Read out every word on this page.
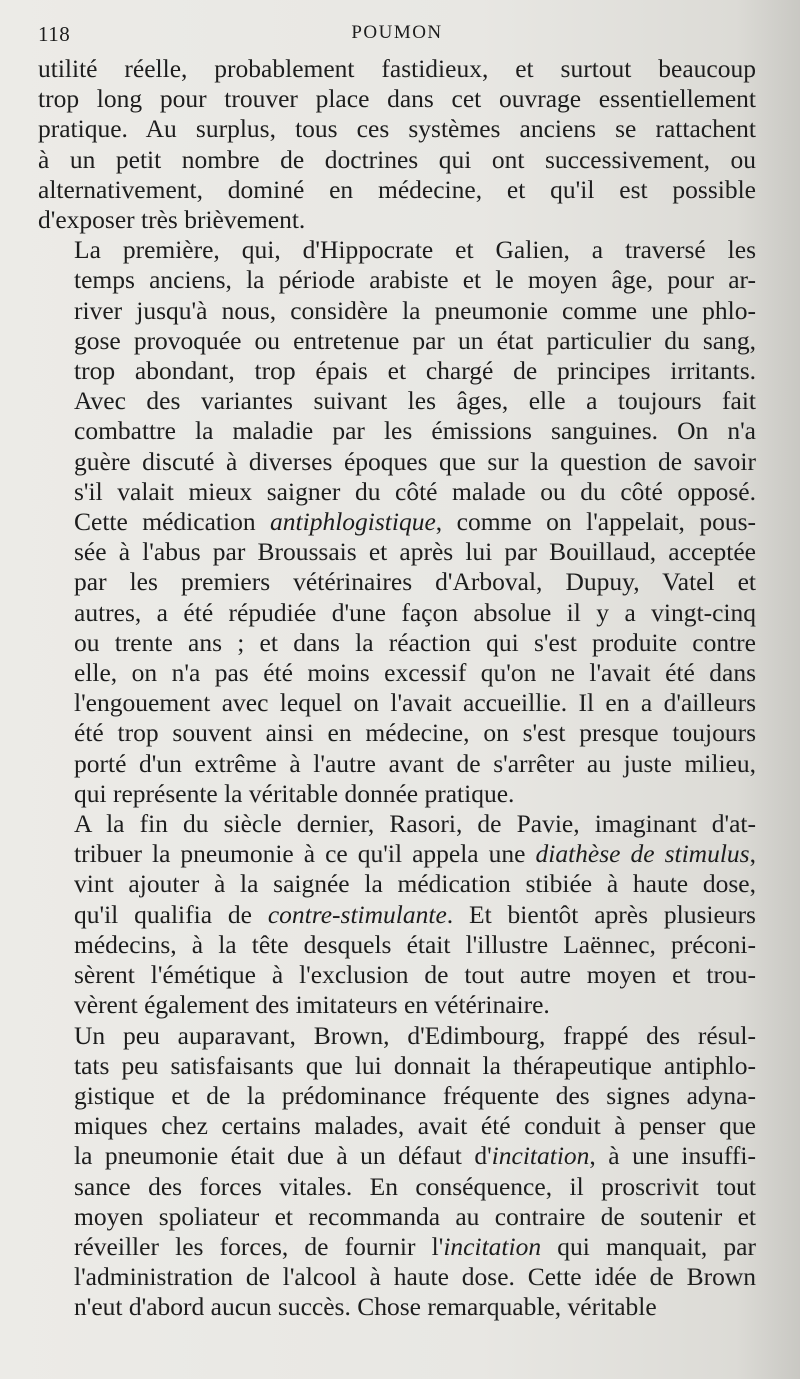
118	POUMON
utilité réelle, probablement fastidieux, et surtout beaucoup
trop long pour trouver place dans cet ouvrage essentiellement
pratique. Au surplus, tous ces systèmes anciens se rattachent
à un petit nombre de doctrines qui ont successivement, ou
alternativement, dominé en médecine, et qu'il est possible
d'exposer très brièvement.
La première, qui, d'Hippocrate et Galien, a traversé les
temps anciens, la période arabiste et le moyen âge, pour ar-
river jusqu'à nous, considère la pneumonie comme une phlo-
gose provoquée ou entretenue par un état particulier du sang,
trop abondant, trop épais et chargé de principes irritants.
Avec des variantes suivant les âges, elle a toujours fait
combattre la maladie par les émissions sanguines. On n'a
guère discuté à diverses époques que sur la question de savoir
s'il valait mieux saigner du côté malade ou du côté opposé.
Cette médication antiphlogistique, comme on l'appelait, pous-
sée à l'abus par Broussais et après lui par Bouillaud, acceptée
par les premiers vétérinaires d'Arboval, Dupuy, Vatel et
autres, a été répudiée d'une façon absolue il y a vingt-cinq
ou trente ans ; et dans la réaction qui s'est produite contre
elle, on n'a pas été moins excessif qu'on ne l'avait été dans
l'engouement avec lequel on l'avait accueillie. Il en a d'ailleurs
été trop souvent ainsi en médecine, on s'est presque toujours
porté d'un extrême à l'autre avant de s'arrêter au juste milieu,
qui représente la véritable donnée pratique.
A la fin du siècle dernier, Rasori, de Pavie, imaginant d'at-
tribuer la pneumonie à ce qu'il appela une diathèse de stimulus,
vint ajouter à la saignée la médication stibiée à haute dose,
qu'il qualifia de contre-stimulante. Et bientôt après plusieurs
médecins, à la tête desquels était l'illustre Laënnec, préconi-
sèrent l'émétique à l'exclusion de tout autre moyen et trou-
vèrent également des imitateurs en vétérinaire.
Un peu auparavant, Brown, d'Edimbourg, frappé des résul-
tats peu satisfaisants que lui donnait la thérapeutique antiphlo-
gistique et de la prédominance fréquente des signes adyna-
miques chez certains malades, avait été conduit à penser que
la pneumonie était due à un défaut d'incitation, à une insuffi-
sance des forces vitales. En conséquence, il proscrivit tout
moyen spoliateur et recommanda au contraire de soutenir et
réveiller les forces, de fournir l'incitation qui manquait, par
l'administration de l'alcool à haute dose. Cette idée de Brown
n'eut d'abord aucun succès. Chose remarquable, véritable
